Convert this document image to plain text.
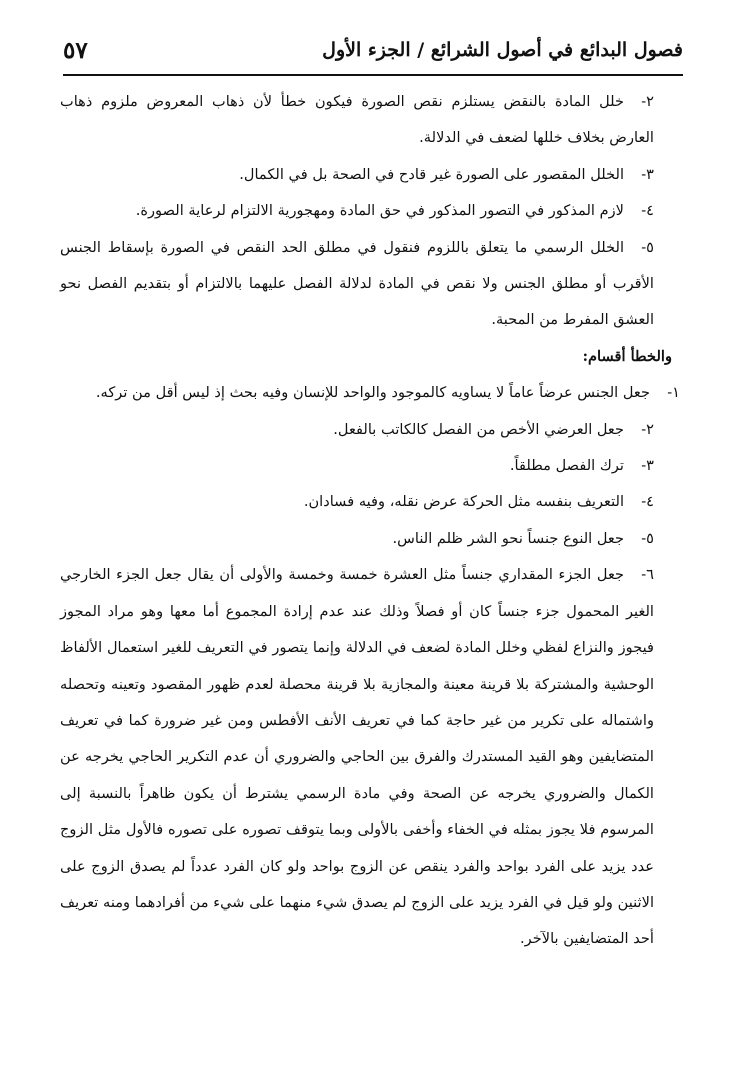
فصول البدائع في أصول الشرائع / الجزء الأول
٥٧

٢-خلل المادة بالنقض يستلزم نقص الصورة فيكون خطأ لأن ذهاب المعروض ملزوم ذهاب العارض بخلاف خللها لضعف في الدلالة.

٣-الخلل المقصور على الصورة غير قادح في الصحة بل في الكمال.

٤-لازم المذكور في التصور المذكور في حق المادة ومهجورية الالتزام لرعاية الصورة.

٥-الخلل الرسمي ما يتعلق باللزوم فنقول في مطلق الحد النقص في الصورة بإسقاط الجنس الأقرب أو مطلق الجنس ولا نقص في المادة لدلالة الفصل عليهما بالالتزام أو بتقديم الفصل نحو العشق المفرط من المحبة.

والخطأ أقسام:

١-جعل الجنس عرضاً عاماً لا يساويه كالموجود والواحد للإنسان وفيه بحث إذ ليس أقل من تركه.

٢-جعل العرضي الأخص من الفصل كالكاتب بالفعل.

٣-ترك الفصل مطلقاً.

٤-التعريف بنفسه مثل الحركة عرض نقله، وفيه فسادان.

٥-جعل النوع جنساً نحو الشر ظلم الناس.

٦-جعل الجزء المقداري جنساً مثل العشرة خمسة وخمسة والأولى أن يقال جعل الجزء الخارجي الغير المحمول جزء جنساً كان أو فصلاً وذلك عند عدم إرادة المجموع أما معها وهو مراد المجوز فيجوز والنزاع لفظي وخلل المادة لضعف في الدلالة وإنما يتصور في التعريف للغير استعمال الألفاظ الوحشية والمشتركة بلا قرينة معينة والمجازية بلا قرينة محصلة لعدم ظهور المقصود وتعينه وتحصله واشتماله على تكرير من غير حاجة كما في تعريف الأنف الأفطس ومن غير ضرورة كما في تعريف المتضايفين وهو القيد المستدرك والفرق بين الحاجي والضروري أن عدم التكرير الحاجي يخرجه عن الكمال والضروري يخرجه عن الصحة وفي مادة الرسمي يشترط أن يكون ظاهراً بالنسبة إلى المرسوم فلا يجوز بمثله في الخفاء وأخفى بالأولى وبما يتوقف تصوره على تصوره فالأول مثل الزوج عدد يزيد على الفرد بواحد والفرد ينقص عن الزوج بواحد ولو كان الفرد عدداً لم يصدق الزوج على الاثنين ولو قيل في الفرد يزيد على الزوج لم يصدق شيء منهما على شيء من أفرادهما ومنه تعريف أحد المتضايفين بالآخر.
